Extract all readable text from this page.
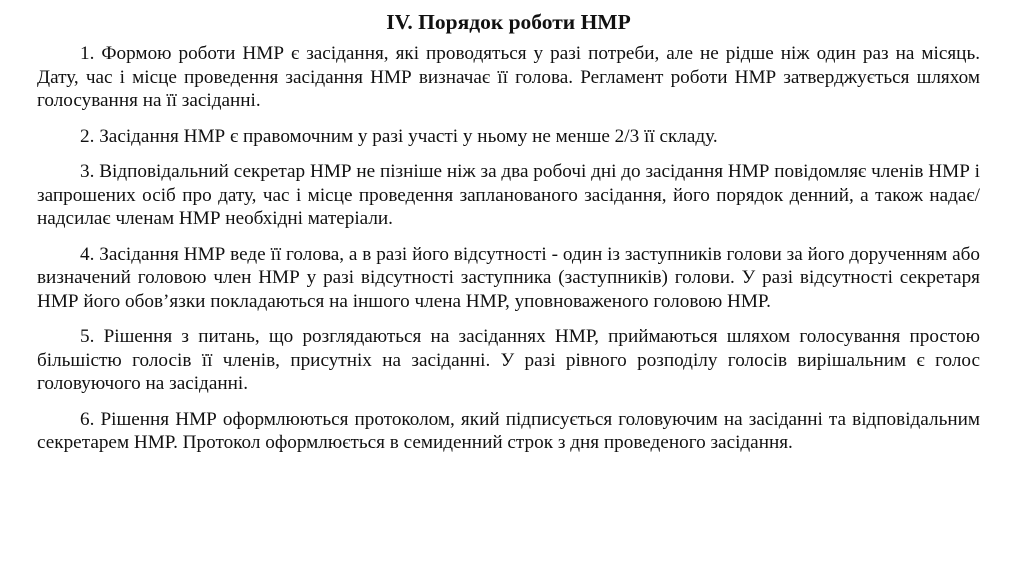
IV. Порядок роботи НМР

1. Формою роботи НМР є засідання, які проводяться у разі потреби, але не рідше ніж один раз на місяць. Дату, час і місце проведення засідання НМР визначає її голова. Регламент роботи НМР затверджується шляхом голосування на її засіданні.

2. Засідання НМР є правомочним у разі участі у ньому не менше 2/3 її складу.

3. Відповідальний секретар НМР не пізніше ніж за два робочі дні до засідання НМР повідомляє членів НМР і запрошених осіб про дату, час і місце проведення запланованого засідання, його порядок денний, а також надає/надсилає членам НМР необхідні матеріали.

4. Засідання НМР веде її голова, а в разі його відсутності - один із заступників голови за його дорученням або визначений головою член НМР у разі відсутності заступника (заступників) голови. У разі відсутності секретаря НМР його обов’язки покладаються на іншого члена НМР, уповноваженого головою НМР.

5. Рішення з питань, що розглядаються на засіданнях НМР, приймаються шляхом голосування простою більшістю голосів її членів, присутніх на засіданні. У разі рівного розподілу голосів вирішальним є голос головуючого на засіданні.

6. Рішення НМР оформлюються протоколом, який підписується головуючим на засіданні та відповідальним секретарем НМР. Протокол оформлюється в семиденний строк з дня проведеного засідання.
